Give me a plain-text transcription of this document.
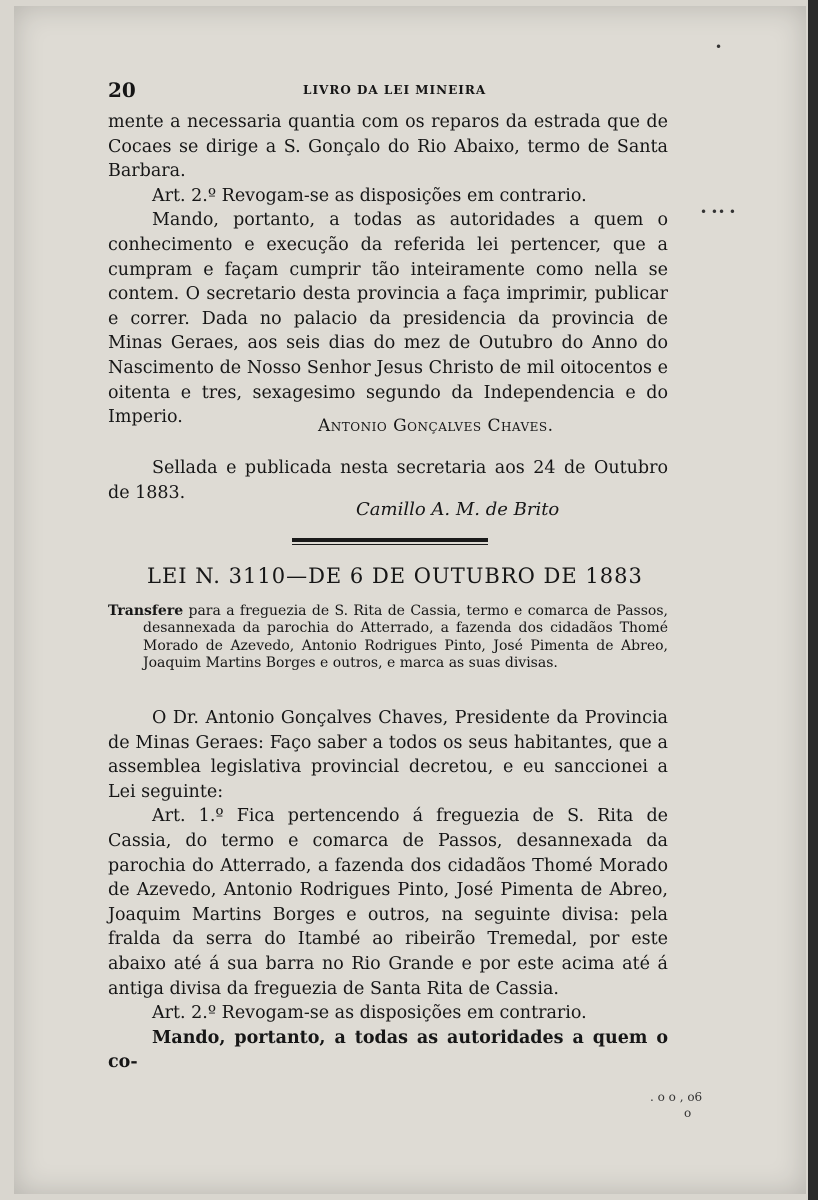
20	LIVRO DA LEI MINEIRA

mente a necessaria quantia com os reparos da estrada que de Cocaes se dirige a S. Gonçalo do Rio Abaixo, termo de Santa Barbara.

Art. 2.º Revogam-se as disposições em contrario.

Mando, portanto, a todas as autoridades a quem o conhecimento e execução da referida lei pertencer, que a cumpram e façam cumprir tão inteiramente como nella se contem. O secretario desta provincia a faça imprimir, publicar e correr. Dada no palacio da presidencia da provincia de Minas Geraes, aos seis dias do mez de Outubro do Anno do Nascimento de Nosso Senhor Jesus Christo de mil oitocentos e oitenta e tres, sexagesimo segundo da Independencia e do Imperio.	Antonio Gonçalves Chaves.

Sellada e publicada nesta secretaria aos 24 de Outubro de 1883.

Camillo A. M. de Brito
LEI N. 3110—DE 6 DE OUTUBRO DE 1883

Transfere para a freguezia de S. Rita de Cassia, termo e comarca de Passos, desannexada da parochia do Atterrado, a fazenda dos cidadãos Thomé Morado de Azevedo, Antonio Rodrigues Pinto, José Pimenta de Abreo, Joaquim Martins Borges e outros, e marca as suas divisas.

O Dr. Antonio Gonçalves Chaves, Presidente da Provincia de Minas Geraes: Faço saber a todos os seus habitantes, que a assemblea legislativa provincial decretou, e eu sanccionei a Lei seguinte:

Art. 1.º Fica pertencendo á freguezia de S. Rita de Cassia, do termo e comarca de Passos, desannexada da parochia do Atterrado, a fazenda dos cidadãos Thomé Morado de Azevedo, Antonio Rodrigues Pinto, José Pimenta de Abreo, Joaquim Martins Borges e outros, na seguinte divisa: pela fralda da serra do Itambé ao ribeirão Tremedal, por este abaixo até á sua barra no Rio Grande e por este acima até á antiga divisa da freguezia de Santa Rita de Cassia.

Art. 2.º Revogam-se as disposições em contrario.

Mando, portanto, a todas as autoridades a quem o co-

•
• •• •
. o o , o6
o
